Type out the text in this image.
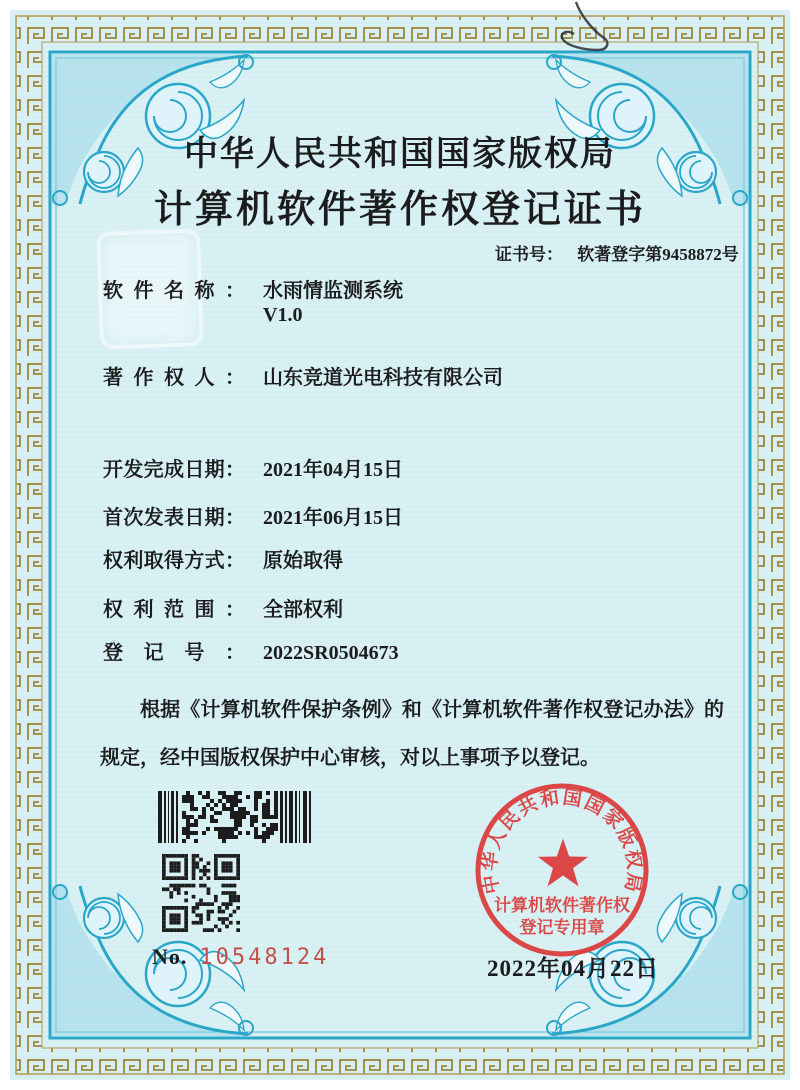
中华人民共和国国家版权局
计算机软件著作权登记证书
证书号： 软著登字第9458872号
软件名称： 水雨情监测系统
V1.0
著作权人： 山东竞道光电科技有限公司
开发完成日期： 2021年04月15日
首次发表日期： 2021年06月15日
权利取得方式： 原始取得
权利范围： 全部权利
登记号： 2022SR0504673
根据《计算机软件保护条例》和《计算机软件著作权登记办法》的规定，经中国版权保护中心审核，对以上事项予以登记。
中华人民共和国国家版权局
计算机软件著作权
登记专用章
No. 10548124	2022年04月22日
